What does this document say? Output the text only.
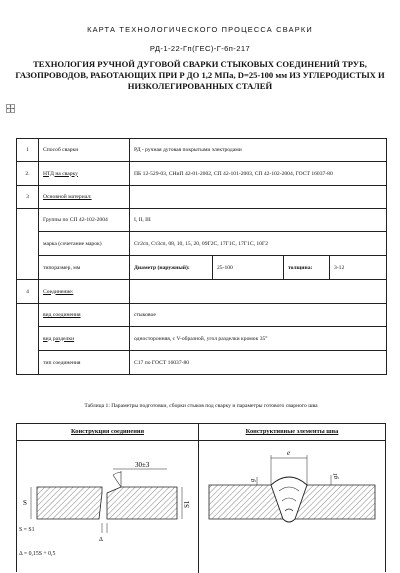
КАРТА ТЕХНОЛОГИЧЕСКОГО ПРОЦЕССА СВАРКИ
РД-1-22-Гп(ГЕС)-Г-6п-217
ТЕХНОЛОГИЯ РУЧНОЙ ДУГОВОЙ СВАРКИ СТЫКОВЫХ СОЕДИНЕНИЙ ТРУБ, ГАЗОПРОВОДОВ, РАБОТАЮЩИХ ПРИ Р ДО 1,2 МПа, D=25-100 мм ИЗ УГЛЕРОДИСТЫХ И НИЗКОЛЕГИРОВАННЫХ СТАЛЕЙ
1	Способ сварки	РД - ручная дуговая покрытыми электродами			
2.	НТД на сварку	ПБ 12-529-03, СНиП 42-01-2002, СП 42-101-2003, СП 42-102-2004, ГОСТ 16037-80			
3	Основной материал:				
	Группы по СП 42-102-2004	I, II, III			
	марка (сочетание марок)	Ст2сп, Ст3сп, 08, 10, 15, 20, 09Г2С, 17Г1С, 17Г1С, 10Г2			
	типоразмер, мм	Диаметр (наружный):	25-100	толщина:	3-12
4	Соединение:				
	вид соединения	стыковое			
	вид разделки	односторонняя, с V-образной, угол разделки кромок 35°			
	тип соединения	С17 по ГОСТ 16037-80			
Таблица 1: Параметры подготовки, сборки стыков под сварку и параметры готового сварного шва
Конструкция соединения	Конструктивные элементы шва
30±3
S	S1
Δ
e
g
g1
S = S1
Δ = 0,15S + 0,5
